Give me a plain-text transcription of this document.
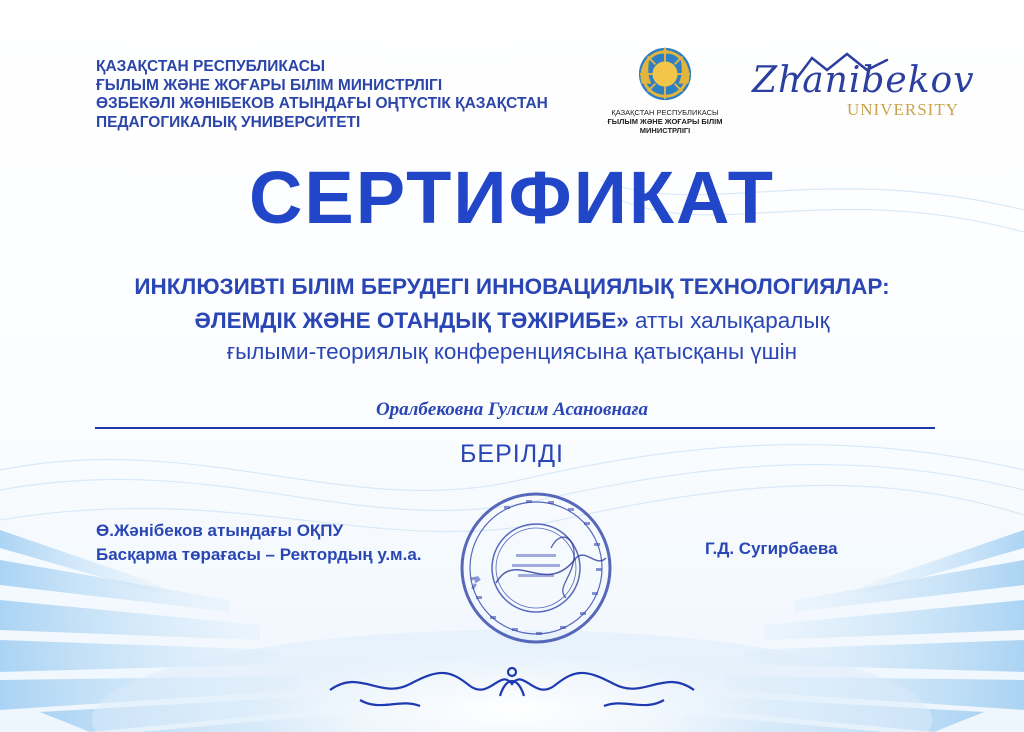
ҚАЗАҚСТАН РЕСПУБЛИКАСЫ
ҒЫЛЫМ ЖӘНЕ ЖОҒАРЫ БІЛІМ МИНИСТРЛІГІ
ӨЗБЕКӘЛІ ЖӘНІБЕКОВ АТЫНДАҒЫ ОҢТҮСТІК ҚАЗАҚСТАН
ПЕДАГОГИКАЛЫҚ УНИВЕРСИТЕТІ
ҚАЗАҚСТАН РЕСПУБЛИКАСЫ
ҒЫЛЫМ ЖӘНЕ ЖОҒАРЫ БІЛІМ
МИНИСТРЛІГІ
Zhanibekov
UNIVERSITY
СЕРТИФИКАТ
ИНКЛЮЗИВТІ БІЛІМ БЕРУДЕГІ ИННОВАЦИЯЛЫҚ ТЕХНОЛОГИЯЛАР:
ӘЛЕМДІК ЖӘНЕ ОТАНДЫҚ ТӘЖІРИБЕ» атты халықаралық
ғылыми-теориялық конференциясына қатысқаны үшін
Оралбековна Гулсим Асановнаға
БЕРІЛДІ
Ө.Жәнібеков атындағы ОҚПУ
Басқарма төрағасы – Ректордың у.м.а.	Г.Д. Сугирбаева
